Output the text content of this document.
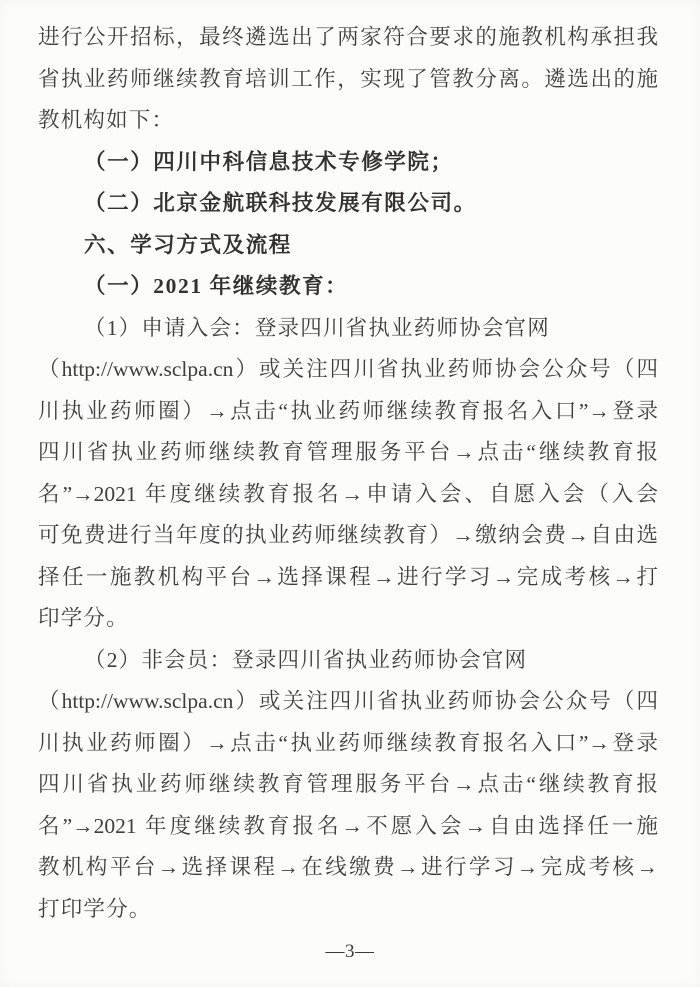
进行公开招标，最终遴选出了两家符合要求的施教机构承担我
省执业药师继续教育培训工作，实现了管教分离。遴选出的施
教机构如下：
（一）四川中科信息技术专修学院；
（二）北京金航联科技发展有限公司。
六、学习方式及流程
（一）2021 年继续教育：
（1）申请入会：登录四川省执业药师协会官网
（http://www.sclpa.cn）或关注四川省执业药师协会公众号（四
川执业药师圈）→点击“执业药师继续教育报名入口”→登录
四川省执业药师继续教育管理服务平台→点击“继续教育报
名”→2021 年度继续教育报名→申请入会、自愿入会（入会
可免费进行当年度的执业药师继续教育）→缴纳会费→自由选
择任一施教机构平台→选择课程→进行学习→完成考核→打
印学分。
（2）非会员：登录四川省执业药师协会官网
（http://www.sclpa.cn）或关注四川省执业药师协会公众号（四
川执业药师圈）→点击“执业药师继续教育报名入口”→登录
四川省执业药师继续教育管理服务平台→点击“继续教育报
名”→2021 年度继续教育报名→不愿入会→自由选择任一施
教机构平台→选择课程→在线缴费→进行学习→完成考核→
打印学分。
—3—
